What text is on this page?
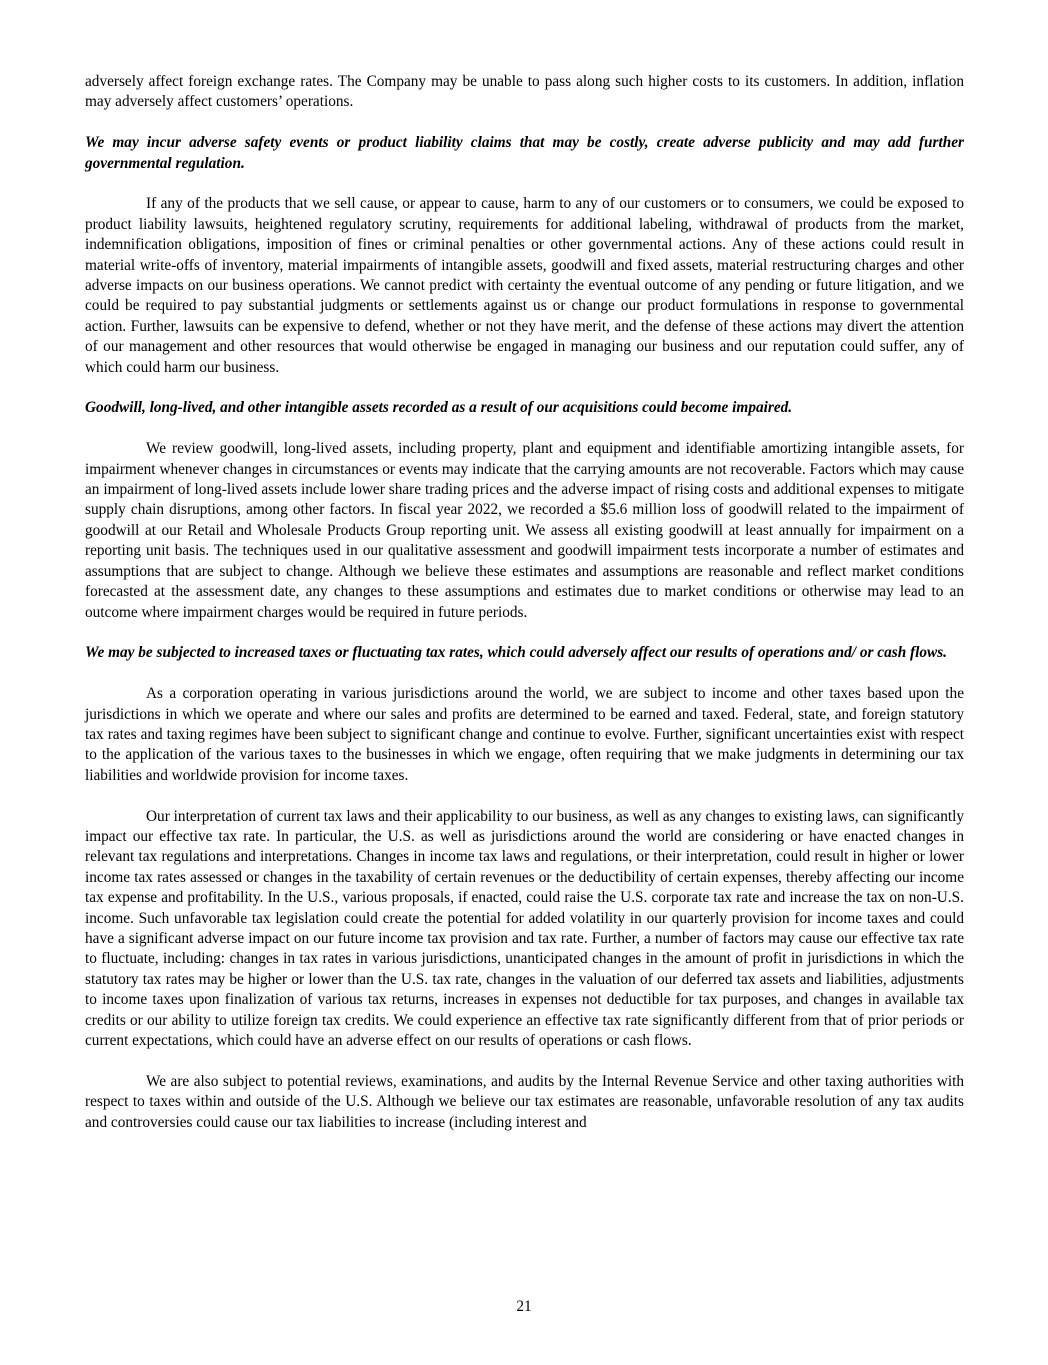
adversely affect foreign exchange rates. The Company may be unable to pass along such higher costs to its customers. In addition, inflation may adversely affect customers’ operations.

We may incur adverse safety events or product liability claims that may be costly, create adverse publicity and may add further governmental regulation.

If any of the products that we sell cause, or appear to cause, harm to any of our customers or to consumers, we could be exposed to product liability lawsuits, heightened regulatory scrutiny, requirements for additional labeling, withdrawal of products from the market, indemnification obligations, imposition of fines or criminal penalties or other governmental actions. Any of these actions could result in material write-offs of inventory, material impairments of intangible assets, goodwill and fixed assets, material restructuring charges and other adverse impacts on our business operations. We cannot predict with certainty the eventual outcome of any pending or future litigation, and we could be required to pay substantial judgments or settlements against us or change our product formulations in response to governmental action. Further, lawsuits can be expensive to defend, whether or not they have merit, and the defense of these actions may divert the attention of our management and other resources that would otherwise be engaged in managing our business and our reputation could suffer, any of which could harm our business.

Goodwill, long-lived, and other intangible assets recorded as a result of our acquisitions could become impaired.

We review goodwill, long-lived assets, including property, plant and equipment and identifiable amortizing intangible assets, for impairment whenever changes in circumstances or events may indicate that the carrying amounts are not recoverable. Factors which may cause an impairment of long-lived assets include lower share trading prices and the adverse impact of rising costs and additional expenses to mitigate supply chain disruptions, among other factors. In fiscal year 2022, we recorded a $5.6 million loss of goodwill related to the impairment of goodwill at our Retail and Wholesale Products Group reporting unit. We assess all existing goodwill at least annually for impairment on a reporting unit basis. The techniques used in our qualitative assessment and goodwill impairment tests incorporate a number of estimates and assumptions that are subject to change. Although we believe these estimates and assumptions are reasonable and reflect market conditions forecasted at the assessment date, any changes to these assumptions and estimates due to market conditions or otherwise may lead to an outcome where impairment charges would be required in future periods.

We may be subjected to increased taxes or fluctuating tax rates, which could adversely affect our results of operations and/ or cash flows.

As a corporation operating in various jurisdictions around the world, we are subject to income and other taxes based upon the jurisdictions in which we operate and where our sales and profits are determined to be earned and taxed. Federal, state, and foreign statutory tax rates and taxing regimes have been subject to significant change and continue to evolve. Further, significant uncertainties exist with respect to the application of the various taxes to the businesses in which we engage, often requiring that we make judgments in determining our tax liabilities and worldwide provision for income taxes.

Our interpretation of current tax laws and their applicability to our business, as well as any changes to existing laws, can significantly impact our effective tax rate. In particular, the U.S. as well as jurisdictions around the world are considering or have enacted changes in relevant tax regulations and interpretations. Changes in income tax laws and regulations, or their interpretation, could result in higher or lower income tax rates assessed or changes in the taxability of certain revenues or the deductibility of certain expenses, thereby affecting our income tax expense and profitability. In the U.S., various proposals, if enacted, could raise the U.S. corporate tax rate and increase the tax on non-U.S. income. Such unfavorable tax legislation could create the potential for added volatility in our quarterly provision for income taxes and could have a significant adverse impact on our future income tax provision and tax rate. Further, a number of factors may cause our effective tax rate to fluctuate, including: changes in tax rates in various jurisdictions, unanticipated changes in the amount of profit in jurisdictions in which the statutory tax rates may be higher or lower than the U.S. tax rate, changes in the valuation of our deferred tax assets and liabilities, adjustments to income taxes upon finalization of various tax returns, increases in expenses not deductible for tax purposes, and changes in available tax credits or our ability to utilize foreign tax credits. We could experience an effective tax rate significantly different from that of prior periods or current expectations, which could have an adverse effect on our results of operations or cash flows.

We are also subject to potential reviews, examinations, and audits by the Internal Revenue Service and other taxing authorities with respect to taxes within and outside of the U.S. Although we believe our tax estimates are reasonable, unfavorable resolution of any tax audits and controversies could cause our tax liabilities to increase (including interest and

21
